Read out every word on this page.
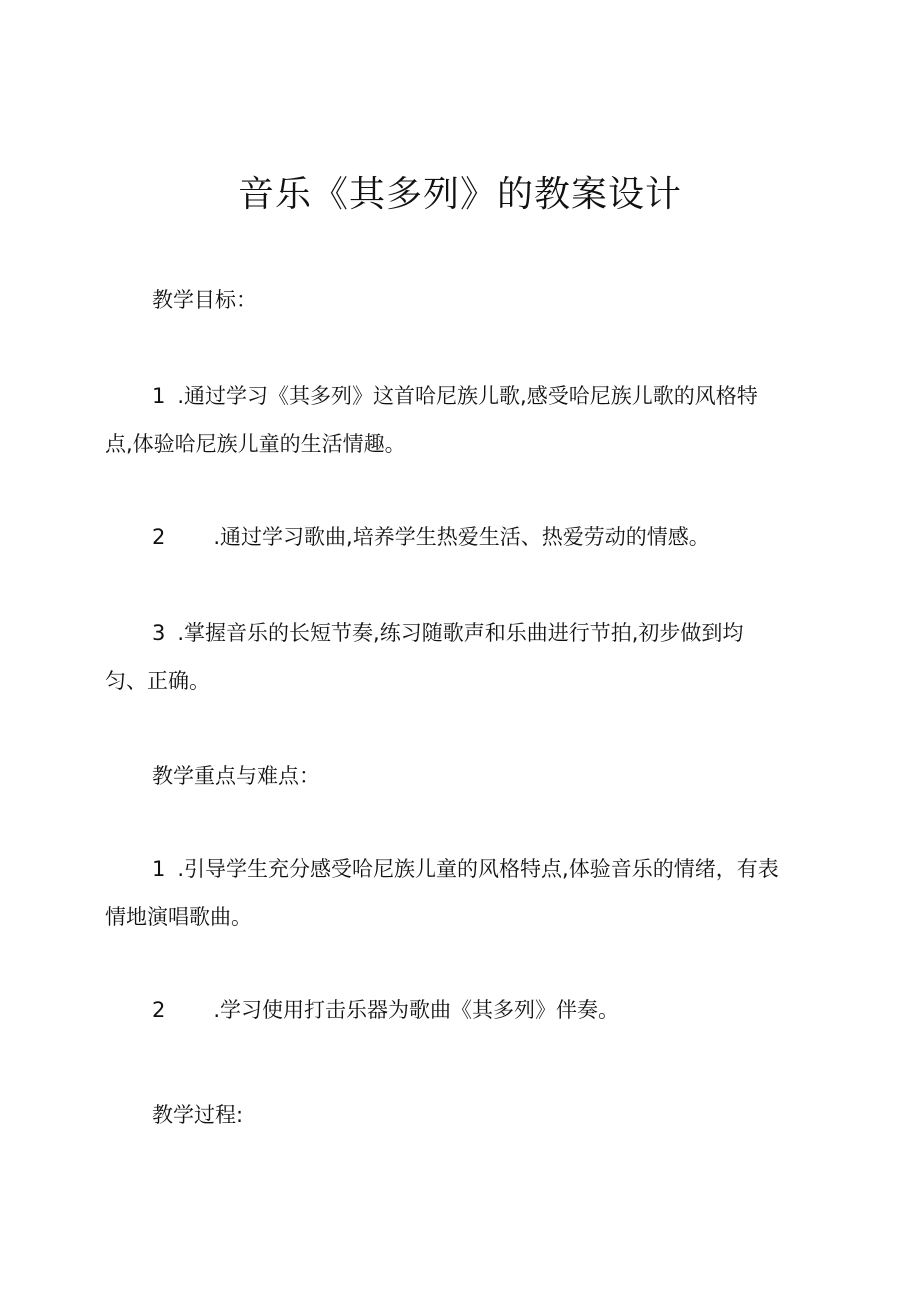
音乐《其多列》的教案设计

教学目标：

1 .通过学习《其多列》这首哈尼族儿歌,感受哈尼族儿歌的风格特

点,体验哈尼族儿童的生活情趣。

2 .通过学习歌曲,培养学生热爱生活、热爱劳动的情感。

3 .掌握音乐的长短节奏,练习随歌声和乐曲进行节拍,初步做到均

匀、正确。

教学重点与难点：

1 .引导学生充分感受哈尼族儿童的风格特点,体验音乐的情绪，有表

情地演唱歌曲。

2 .学习使用打击乐器为歌曲《其多列》伴奏。

教学过程:
